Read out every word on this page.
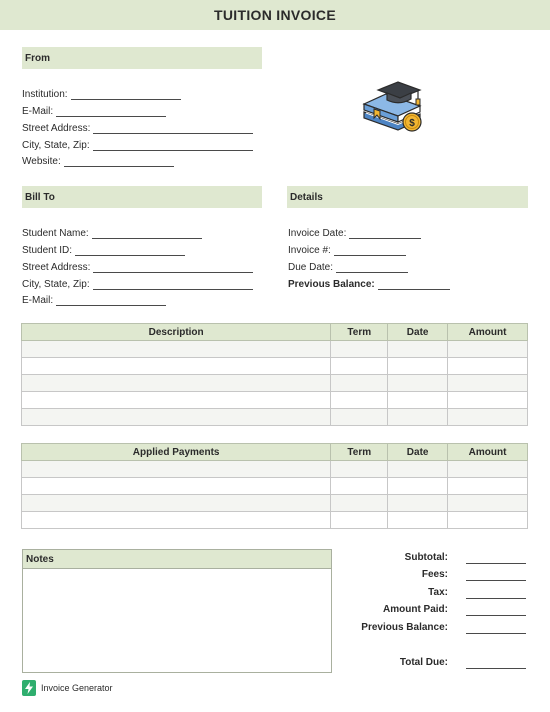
TUITION INVOICE
From
Institution:
E-Mail:
Street Address:
City, State, Zip:
Website:
$
Bill To
Student Name:
Student ID:
Street Address:
City, State, Zip:
E-Mail:
Details
Invoice Date:
Invoice #:
Due Date:
Previous Balance:
Description	Term	Date	Amount

Applied Payments	Term	Date	Amount

Notes	Subtotal:
Fees:
Tax:
Amount Paid:
Previous Balance:
Total Due:
Invoice Generator
